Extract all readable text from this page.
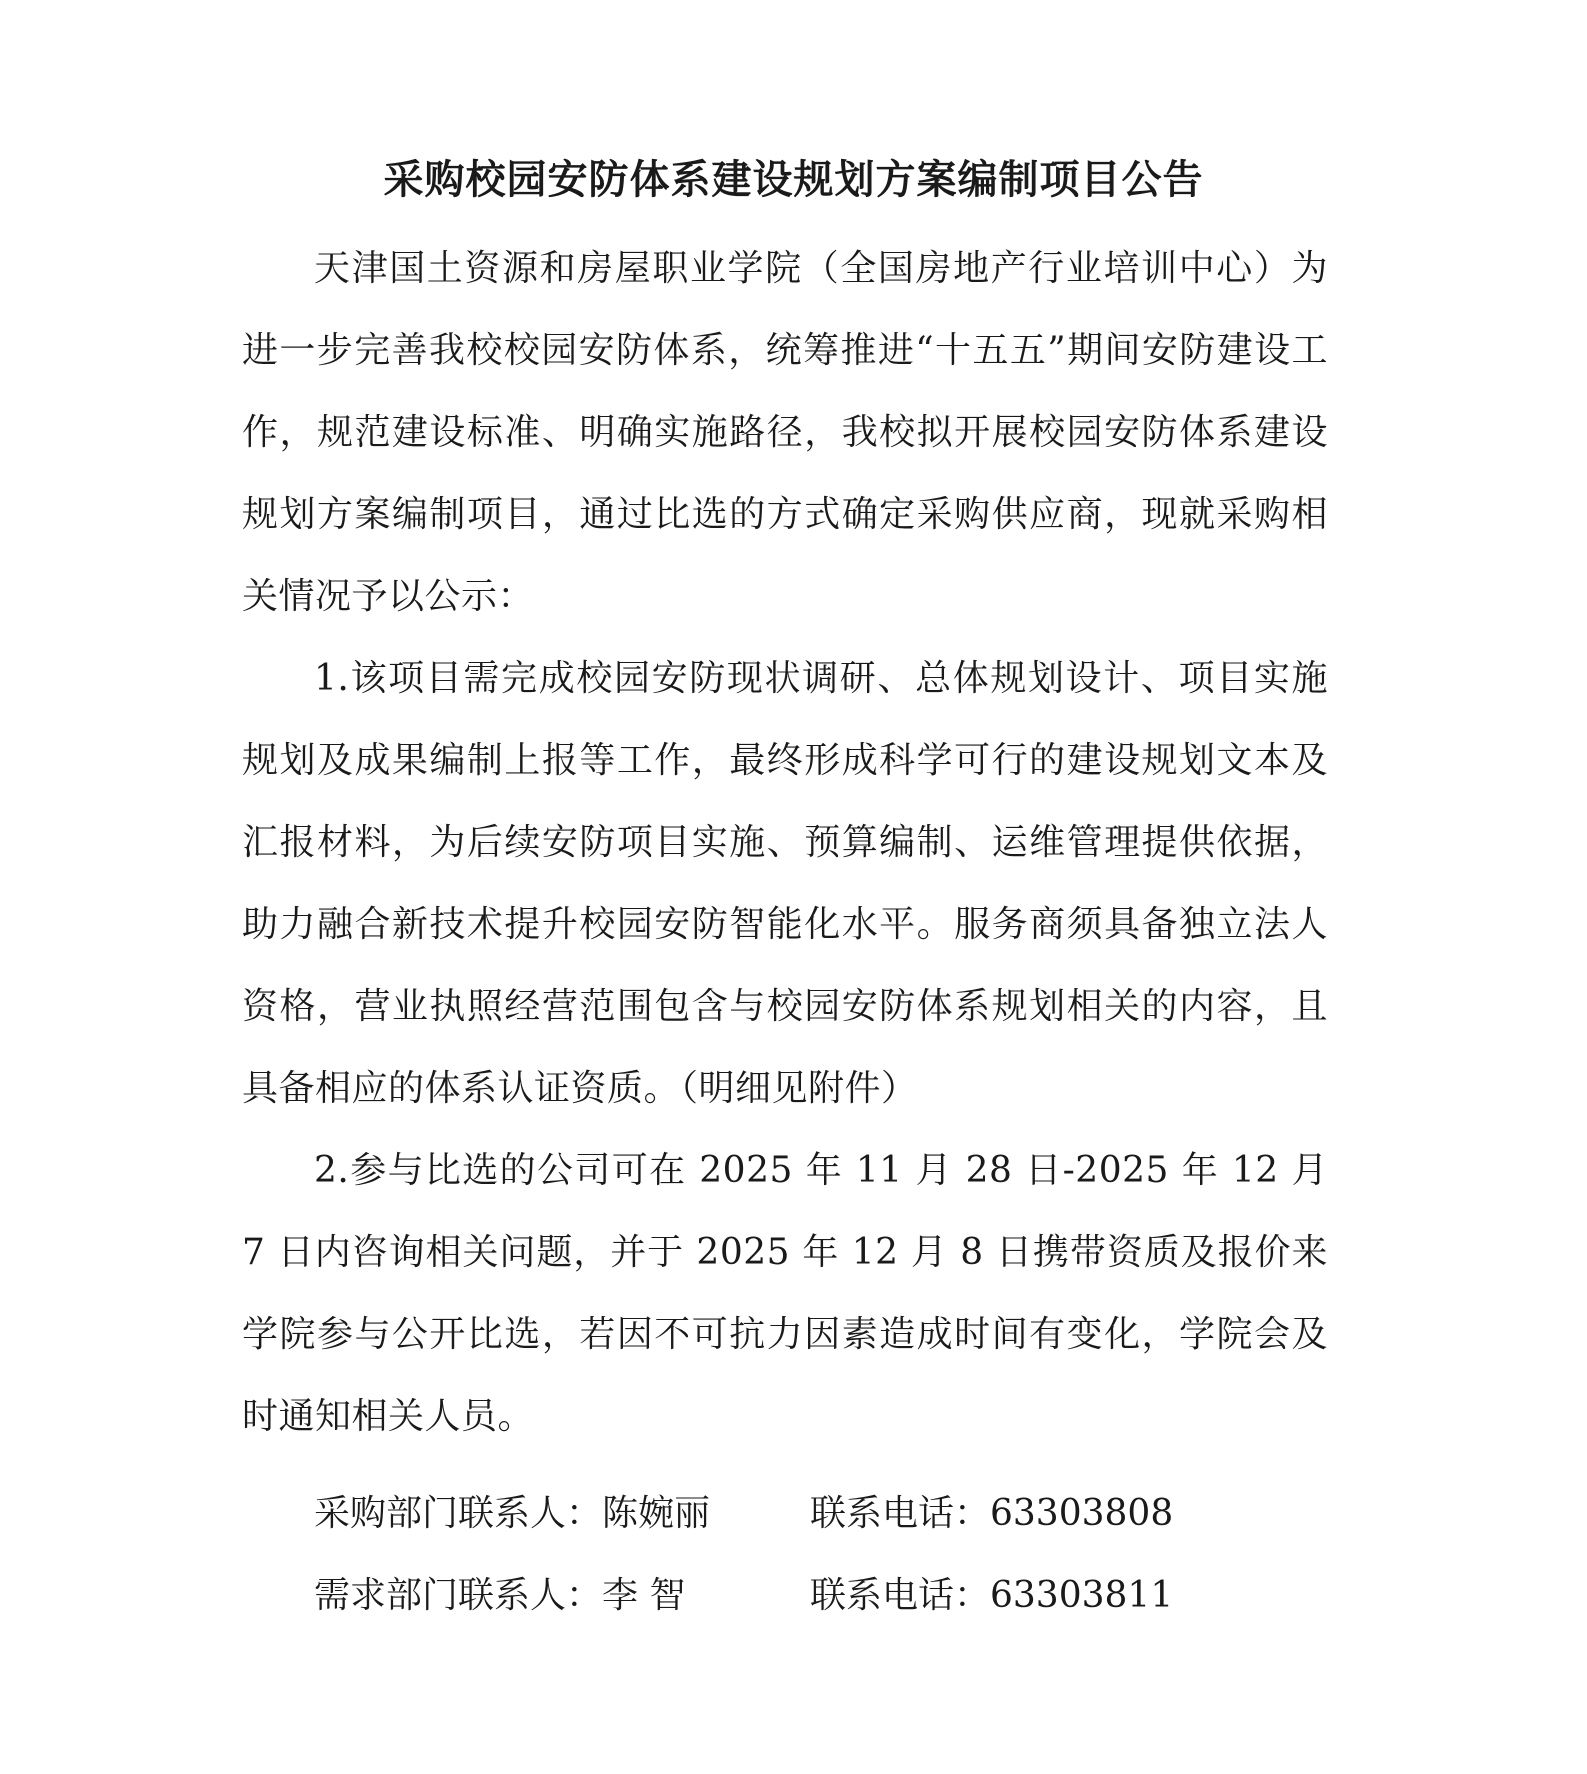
采购校园安防体系建设规划方案编制项目公告

天津国土资源和房屋职业学院（全国房地产行业培训中心）为进一步完善我校校园安防体系，统筹推进“十五五”期间安防建设工作，规范建设标准、明确实施路径，我校拟开展校园安防体系建设规划方案编制项目，通过比选的方式确定采购供应商，现就采购相关情况予以公示：

1.该项目需完成校园安防现状调研、总体规划设计、项目实施规划及成果编制上报等工作，最终形成科学可行的建设规划文本及汇报材料，为后续安防项目实施、预算编制、运维管理提供依据，助力融合新技术提升校园安防智能化水平。服务商须具备独立法人资格，营业执照经营范围包含与校园安防体系规划相关的内容，且具备相应的体系认证资质。（明细见附件）

2.参与比选的公司可在 2025 年 11 月 28 日-2025 年 12 月 7 日内咨询相关问题，并于 2025 年 12 月 8 日携带资质及报价来学院参与公开比选，若因不可抗力因素造成时间有变化，学院会及时通知相关人员。

采购部门联系人：陈婉丽	联系电话：63303808
需求部门联系人：李 智	联系电话：63303811
